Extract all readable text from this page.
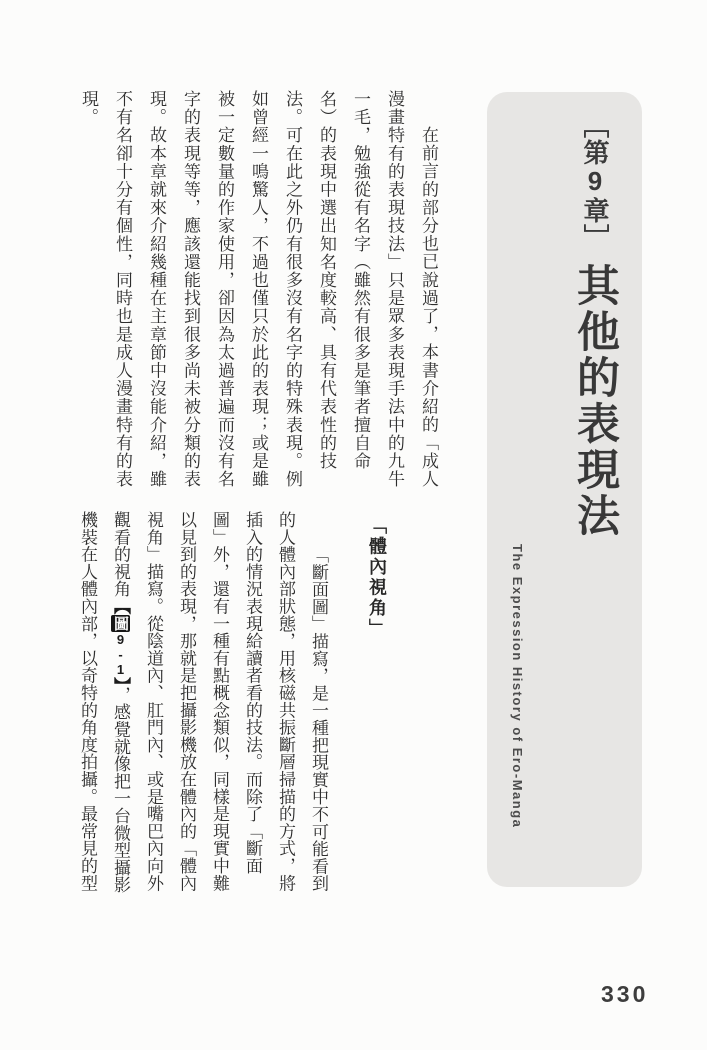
［第9章］ 其他的表現法
The Expression History of Ero-Manga
在前言的部分也已說過了，本書介紹的「成人
漫畫特有的表現技法」只是眾多表現手法中的九牛
一毛，勉強從有名字（雖然有很多是筆者擅自命
名）的表現中選出知名度較高、具有代表性的技
法。可在此之外仍有很多沒有名字的特殊表現。例
如曾經一鳴驚人，不過也僅只於此的表現；或是雖
被一定數量的作家使用，卻因為太過普遍而沒有名
字的表現等等，應該還能找到很多尚未被分類的表
現。故本章就來介紹幾種在主章節中沒能介紹，雖
不有名卻十分有個性，同時也是成人漫畫特有的表
現。
「體內視角」
「斷面圖」描寫，是一種把現實中不可能看到
的人體內部狀態，用核磁共振斷層掃描的方式，將
插入的情況表現給讀者看的技法。而除了「斷面
圖」外，還有一種有點概念類似，同樣是現實中難
以見到的表現，那就是把攝影機放在體內的「體內
視角」描寫。從陰道內、肛門內、或是嘴巴內向外
觀看的視角【圖9-1】，感覺就像把一台微型攝影
機裝在人體內部，以奇特的角度拍攝。最常見的型
330
